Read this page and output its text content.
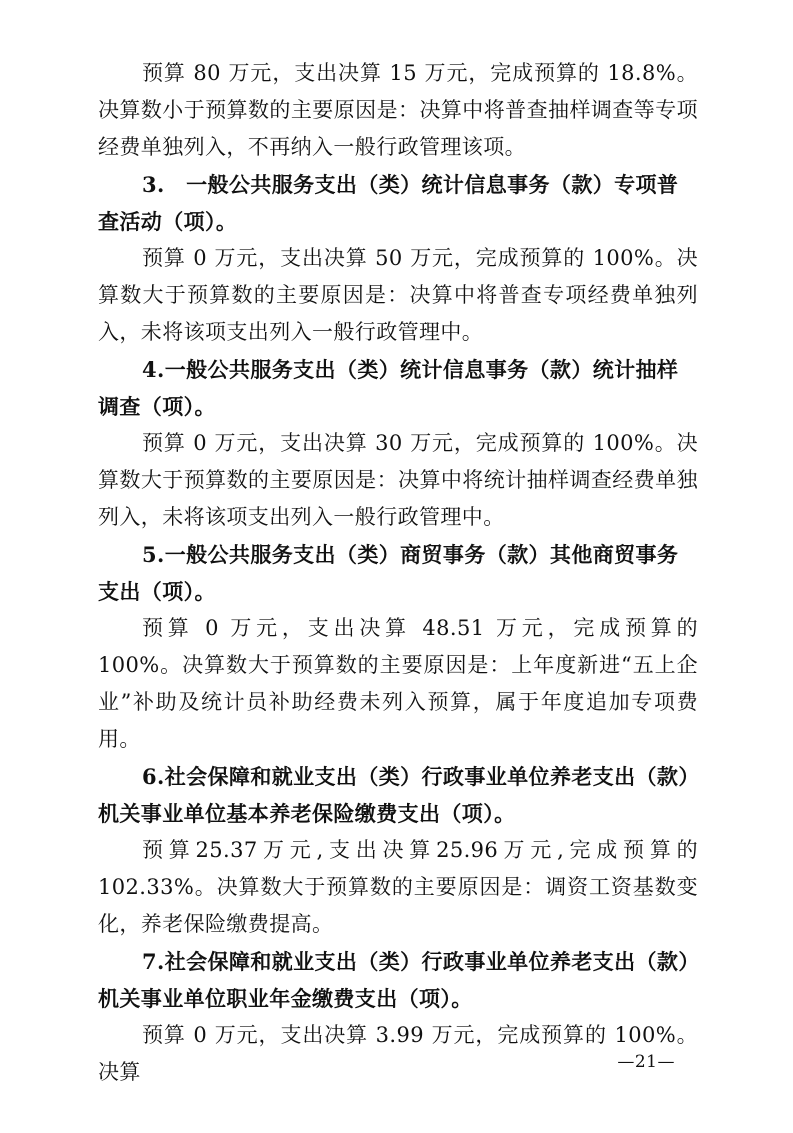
预算 80 万元，支出决算 15 万元，完成预算的 18.8%。决算数小于预算数的主要原因是：决算中将普查抽样调查等专项经费单独列入，不再纳入一般行政管理该项。

3.　一般公共服务支出（类）统计信息事务（款）专项普查活动（项）。

预算 0 万元，支出决算 50 万元，完成预算的 100%。决算数大于预算数的主要原因是：决算中将普查专项经费单独列入，未将该项支出列入一般行政管理中。

4.一般公共服务支出（类）统计信息事务（款）统计抽样调查（项）。

预算 0 万元，支出决算 30 万元，完成预算的 100%。决算数大于预算数的主要原因是：决算中将统计抽样调查经费单独列入，未将该项支出列入一般行政管理中。

5.一般公共服务支出（类）商贸事务（款）其他商贸事务支出（项）。

预算 0 万元，支出决算 48.51 万元，完成预算的 100%。决算数大于预算数的主要原因是：上年度新进“五上企业”补助及统计员补助经费未列入预算，属于年度追加专项费用。

6.社会保障和就业支出（类）行政事业单位养老支出（款）机关事业单位基本养老保险缴费支出（项）。

预算25.37万元,支出决算25.96万元,完成预算的102.33%。决算数大于预算数的主要原因是：调资工资基数变化，养老保险缴费提高。

7.社会保障和就业支出（类）行政事业单位养老支出（款）机关事业单位职业年金缴费支出（项）。

预算 0 万元，支出决算 3.99 万元，完成预算的 100%。决算	—21—
